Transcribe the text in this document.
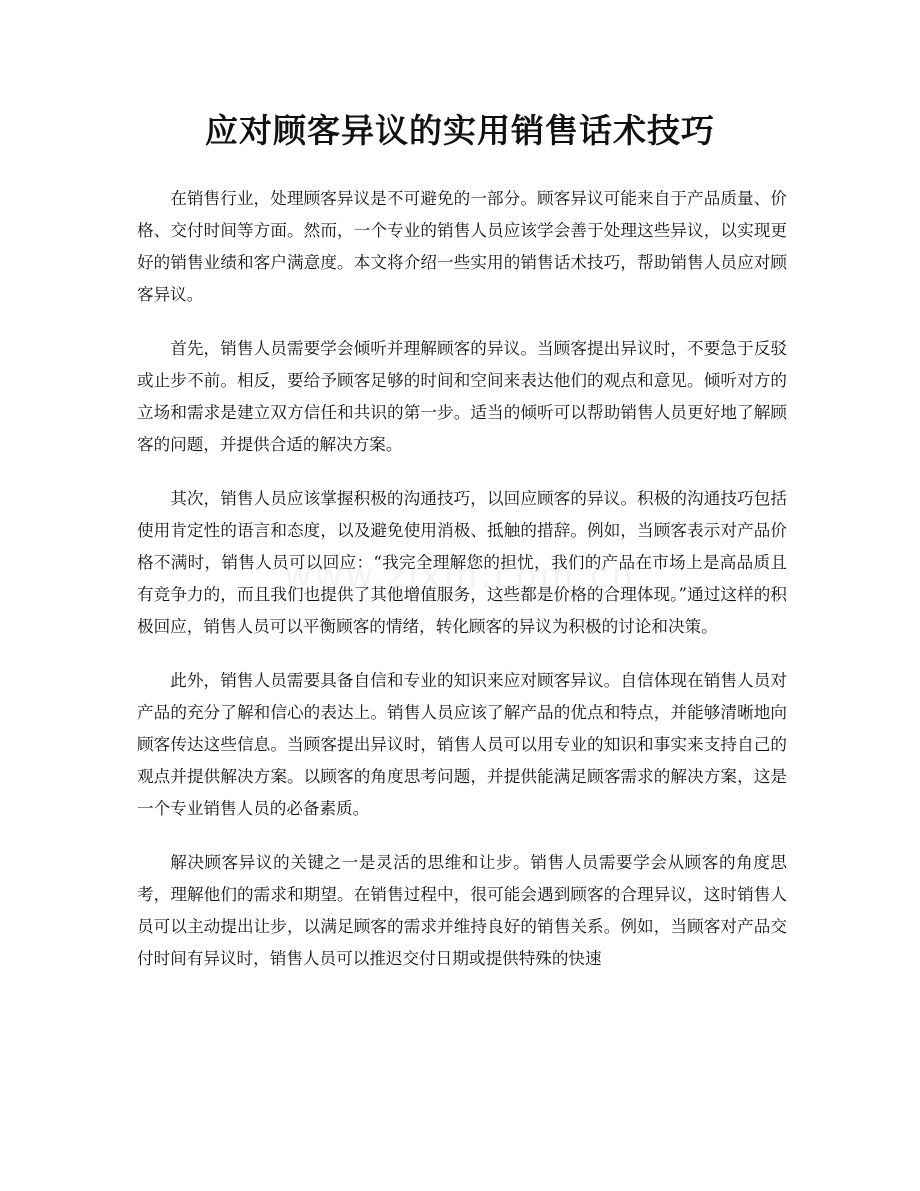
应对顾客异议的实用销售话术技巧

在销售行业，处理顾客异议是不可避免的一部分。顾客异议可能来自于产品质量、价格、交付时间等方面。然而，一个专业的销售人员应该学会善于处理这些异议，以实现更好的销售业绩和客户满意度。本文将介绍一些实用的销售话术技巧，帮助销售人员应对顾客异议。

首先，销售人员需要学会倾听并理解顾客的异议。当顾客提出异议时，不要急于反驳或止步不前。相反，要给予顾客足够的时间和空间来表达他们的观点和意见。倾听对方的立场和需求是建立双方信任和共识的第一步。适当的倾听可以帮助销售人员更好地了解顾客的问题，并提供合适的解决方案。

其次，销售人员应该掌握积极的沟通技巧，以回应顾客的异议。积极的沟通技巧包括使用肯定性的语言和态度，以及避免使用消极、抵触的措辞。例如，当顾客表示对产品价格不满时，销售人员可以回应：“我完全理解您的担忧，我们的产品在市场上是高品质且有竞争力的，而且我们也提供了其他增值服务，这些都是价格的合理体现。”通过这样的积极回应，销售人员可以平衡顾客的情绪，转化顾客的异议为积极的讨论和决策。

此外，销售人员需要具备自信和专业的知识来应对顾客异议。自信体现在销售人员对产品的充分了解和信心的表达上。销售人员应该了解产品的优点和特点，并能够清晰地向顾客传达这些信息。当顾客提出异议时，销售人员可以用专业的知识和事实来支持自己的观点并提供解决方案。以顾客的角度思考问题，并提供能满足顾客需求的解决方案，这是一个专业销售人员的必备素质。

解决顾客异议的关键之一是灵活的思维和让步。销售人员需要学会从顾客的角度思考，理解他们的需求和期望。在销售过程中，很可能会遇到顾客的合理异议，这时销售人员可以主动提出让步，以满足顾客的需求并维持良好的销售关系。例如，当顾客对产品交付时间有异议时，销售人员可以推迟交付日期或提供特殊的快速
